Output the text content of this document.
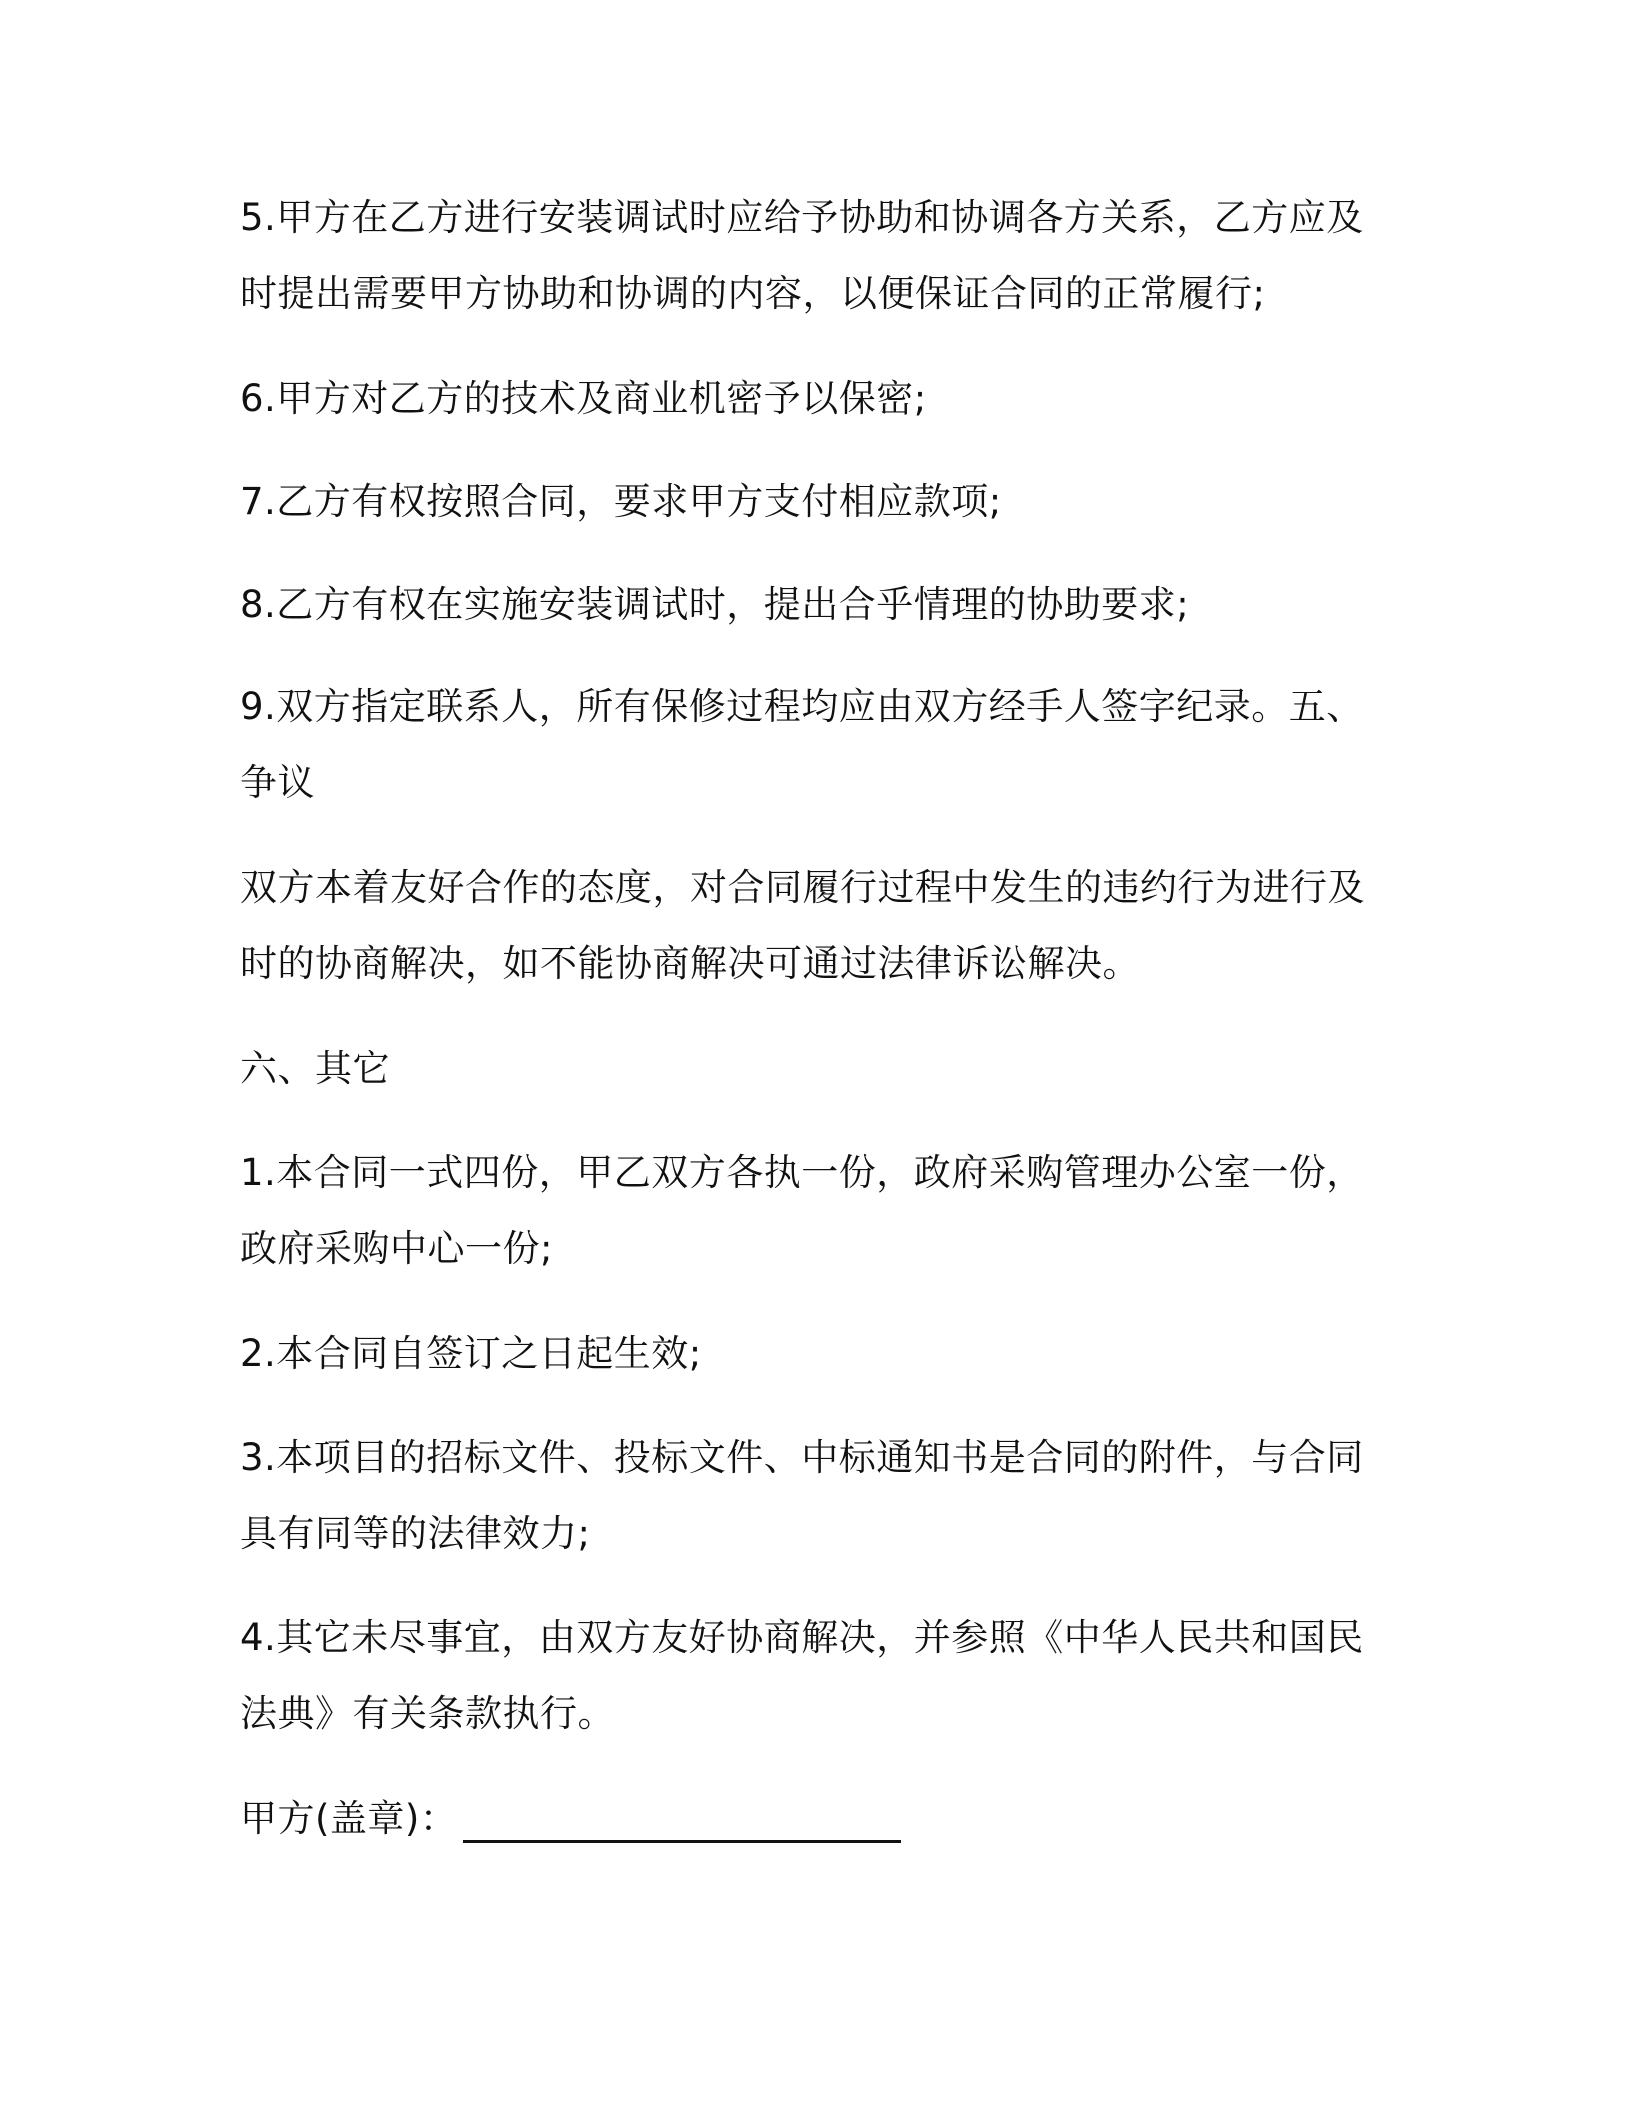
5.甲方在乙方进行安装调试时应给予协助和协调各方关系，乙方应及

时提出需要甲方协助和协调的内容，以便保证合同的正常履行;

6.甲方对乙方的技术及商业机密予以保密;

7.乙方有权按照合同，要求甲方支付相应款项;

8.乙方有权在实施安装调试时，提出合乎情理的协助要求;

9.双方指定联系人，所有保修过程均应由双方经手人签字纪录。五、

争议

双方本着友好合作的态度，对合同履行过程中发生的违约行为进行及

时的协商解决，如不能协商解决可通过法律诉讼解决。

六、其它

1.本合同一式四份，甲乙双方各执一份，政府采购管理办公室一份，

政府采购中心一份;

2.本合同自签订之日起生效;

3.本项目的招标文件、投标文件、中标通知书是合同的附件，与合同

具有同等的法律效力;

4.其它未尽事宜，由双方友好协商解决，并参照《中华人民共和国民

法典》有关条款执行。

甲方(盖章)：
